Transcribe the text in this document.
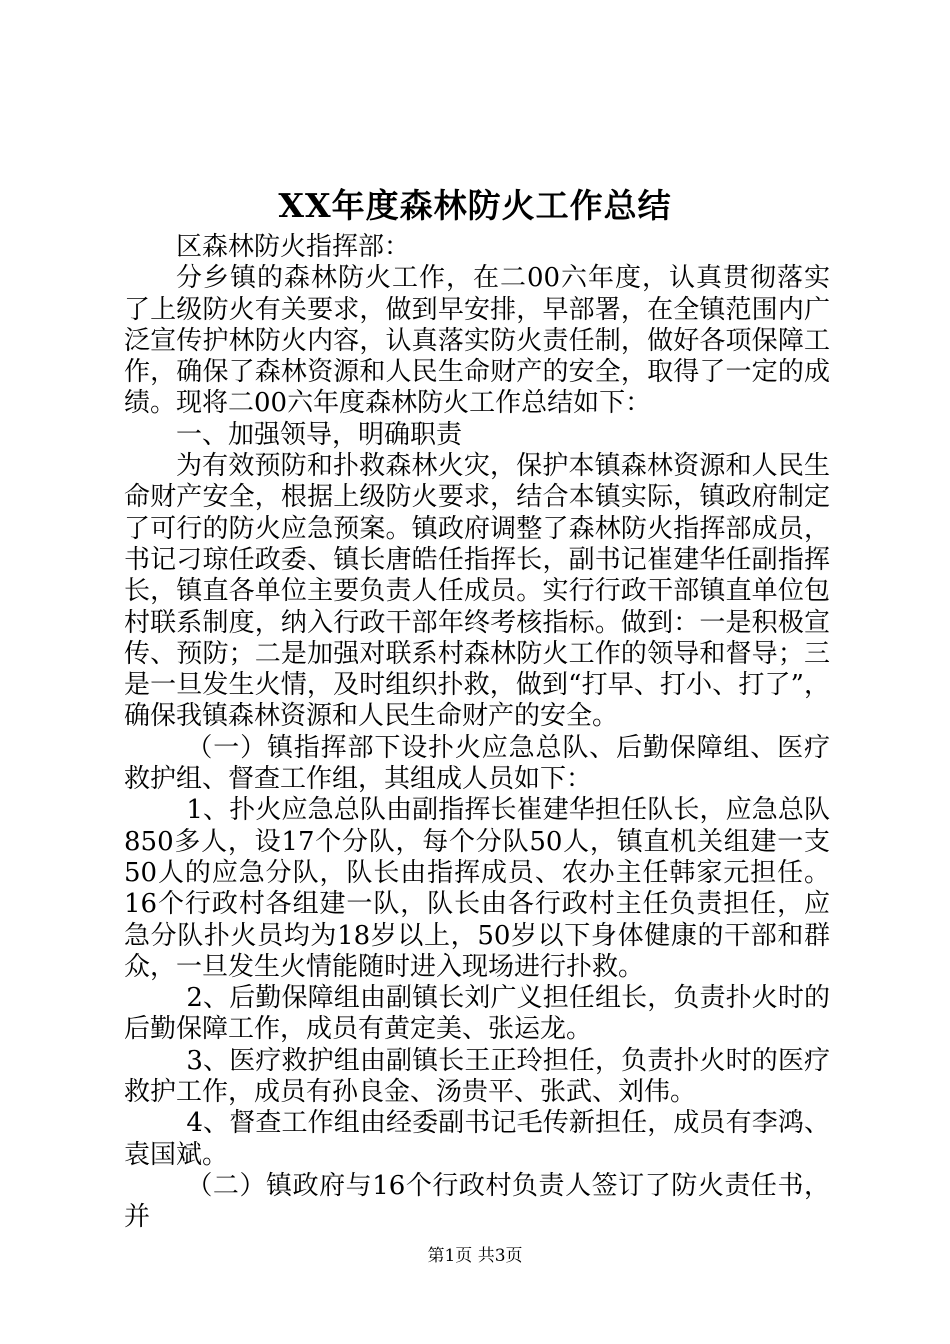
XX年度森林防火工作总结

区森林防火指挥部：

分乡镇的森林防火工作，在二00六年度，认真贯彻落实了上级防火有关要求，做到早安排，早部署，在全镇范围内广泛宣传护林防火内容，认真落实防火责任制，做好各项保障工作，确保了森林资源和人民生命财产的安全，取得了一定的成绩。现将二00六年度森林防火工作总结如下：

一、加强领导，明确职责

为有效预防和扑救森林火灾，保护本镇森林资源和人民生命财产安全，根据上级防火要求，结合本镇实际，镇政府制定了可行的防火应急预案。镇政府调整了森林防火指挥部成员，书记刁琼任政委、镇长唐皓任指挥长，副书记崔建华任副指挥长，镇直各单位主要负责人任成员。实行行政干部镇直单位包村联系制度，纳入行政干部年终考核指标。做到：一是积极宣传、预防；二是加强对联系村森林防火工作的领导和督导；三是一旦发生火情，及时组织扑救，做到“打早、打小、打了”，确保我镇森林资源和人民生命财产的安全。

（一）镇指挥部下设扑火应急总队、后勤保障组、医疗救护组、督查工作组，其组成人员如下：

1、扑火应急总队由副指挥长崔建华担任队长，应急总队850多人，设17个分队，每个分队50人，镇直机关组建一支50人的应急分队，队长由指挥成员、农办主任韩家元担任。16个行政村各组建一队，队长由各行政村主任负责担任，应急分队扑火员均为18岁以上，50岁以下身体健康的干部和群众，一旦发生火情能随时进入现场进行扑救。

2、后勤保障组由副镇长刘广义担任组长，负责扑火时的后勤保障工作，成员有黄定美、张运龙。

3、医疗救护组由副镇长王正玲担任，负责扑火时的医疗救护工作，成员有孙良金、汤贵平、张武、刘伟。

4、督查工作组由经委副书记毛传新担任，成员有李鸿、袁国斌。

（二）镇政府与16个行政村负责人签订了防火责任书，并

第1页 共3页
